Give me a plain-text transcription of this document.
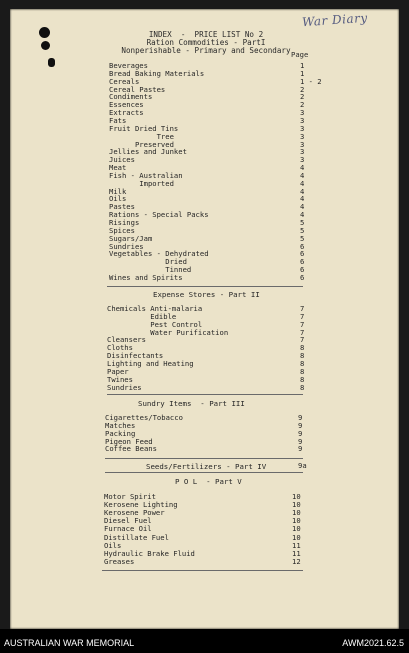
War Diary
INDEX  -  PRICE LIST No 2
Ration Commodities - PartI
Nonperishable - Primary and Secondary Page
Beverages	1
Bread Baking Materials	1
Cereals	1 - 2
Cereal Pastes	2
Condiments	2
Essences	2
Extracts	3
Fats	3
Fruit Dried Tins	3
Tree	3
Preserved	3
Jellies and Junket	3
Juices	3
Meat	4
Fish - Australian	4
Imported	4
Milk	4
Oils	4
Pastes	4
Rations - Special Packs	4
Risings	5
Spices	5
Sugars/Jam	5
Sundries	6
Vegetables - Dehydrated	6
Dried	6
Tinned	6
Wines and Spirits	6
Expense Stores - Part II
Chemicals Anti-malaria	7
Edible	7
Pest Control	7
Water Purification	7
Cleansers	7
Cloths	8
Disinfectants	8
Lighting and Heating	8
Paper	8
Twines	8
Sundries	8
Sundry Items  - Part III
Cigarettes/Tobacco	9
Matches	9
Packing	9
Pigeon Feed	9
Coffee Beans	9
Seeds/Fertilizers - Part IV	9a
P O L  - Part V
Motor Spirit	10
Kerosene Lighting	10
Kerosene Power	10
Diesel Fuel	10
Furnace Oil	10
Distillate Fuel	10
Oils	11
Hydraulic Brake Fluid	11
Greases	12
AUSTRALIAN WAR MEMORIAL	AWM2021.62.5
